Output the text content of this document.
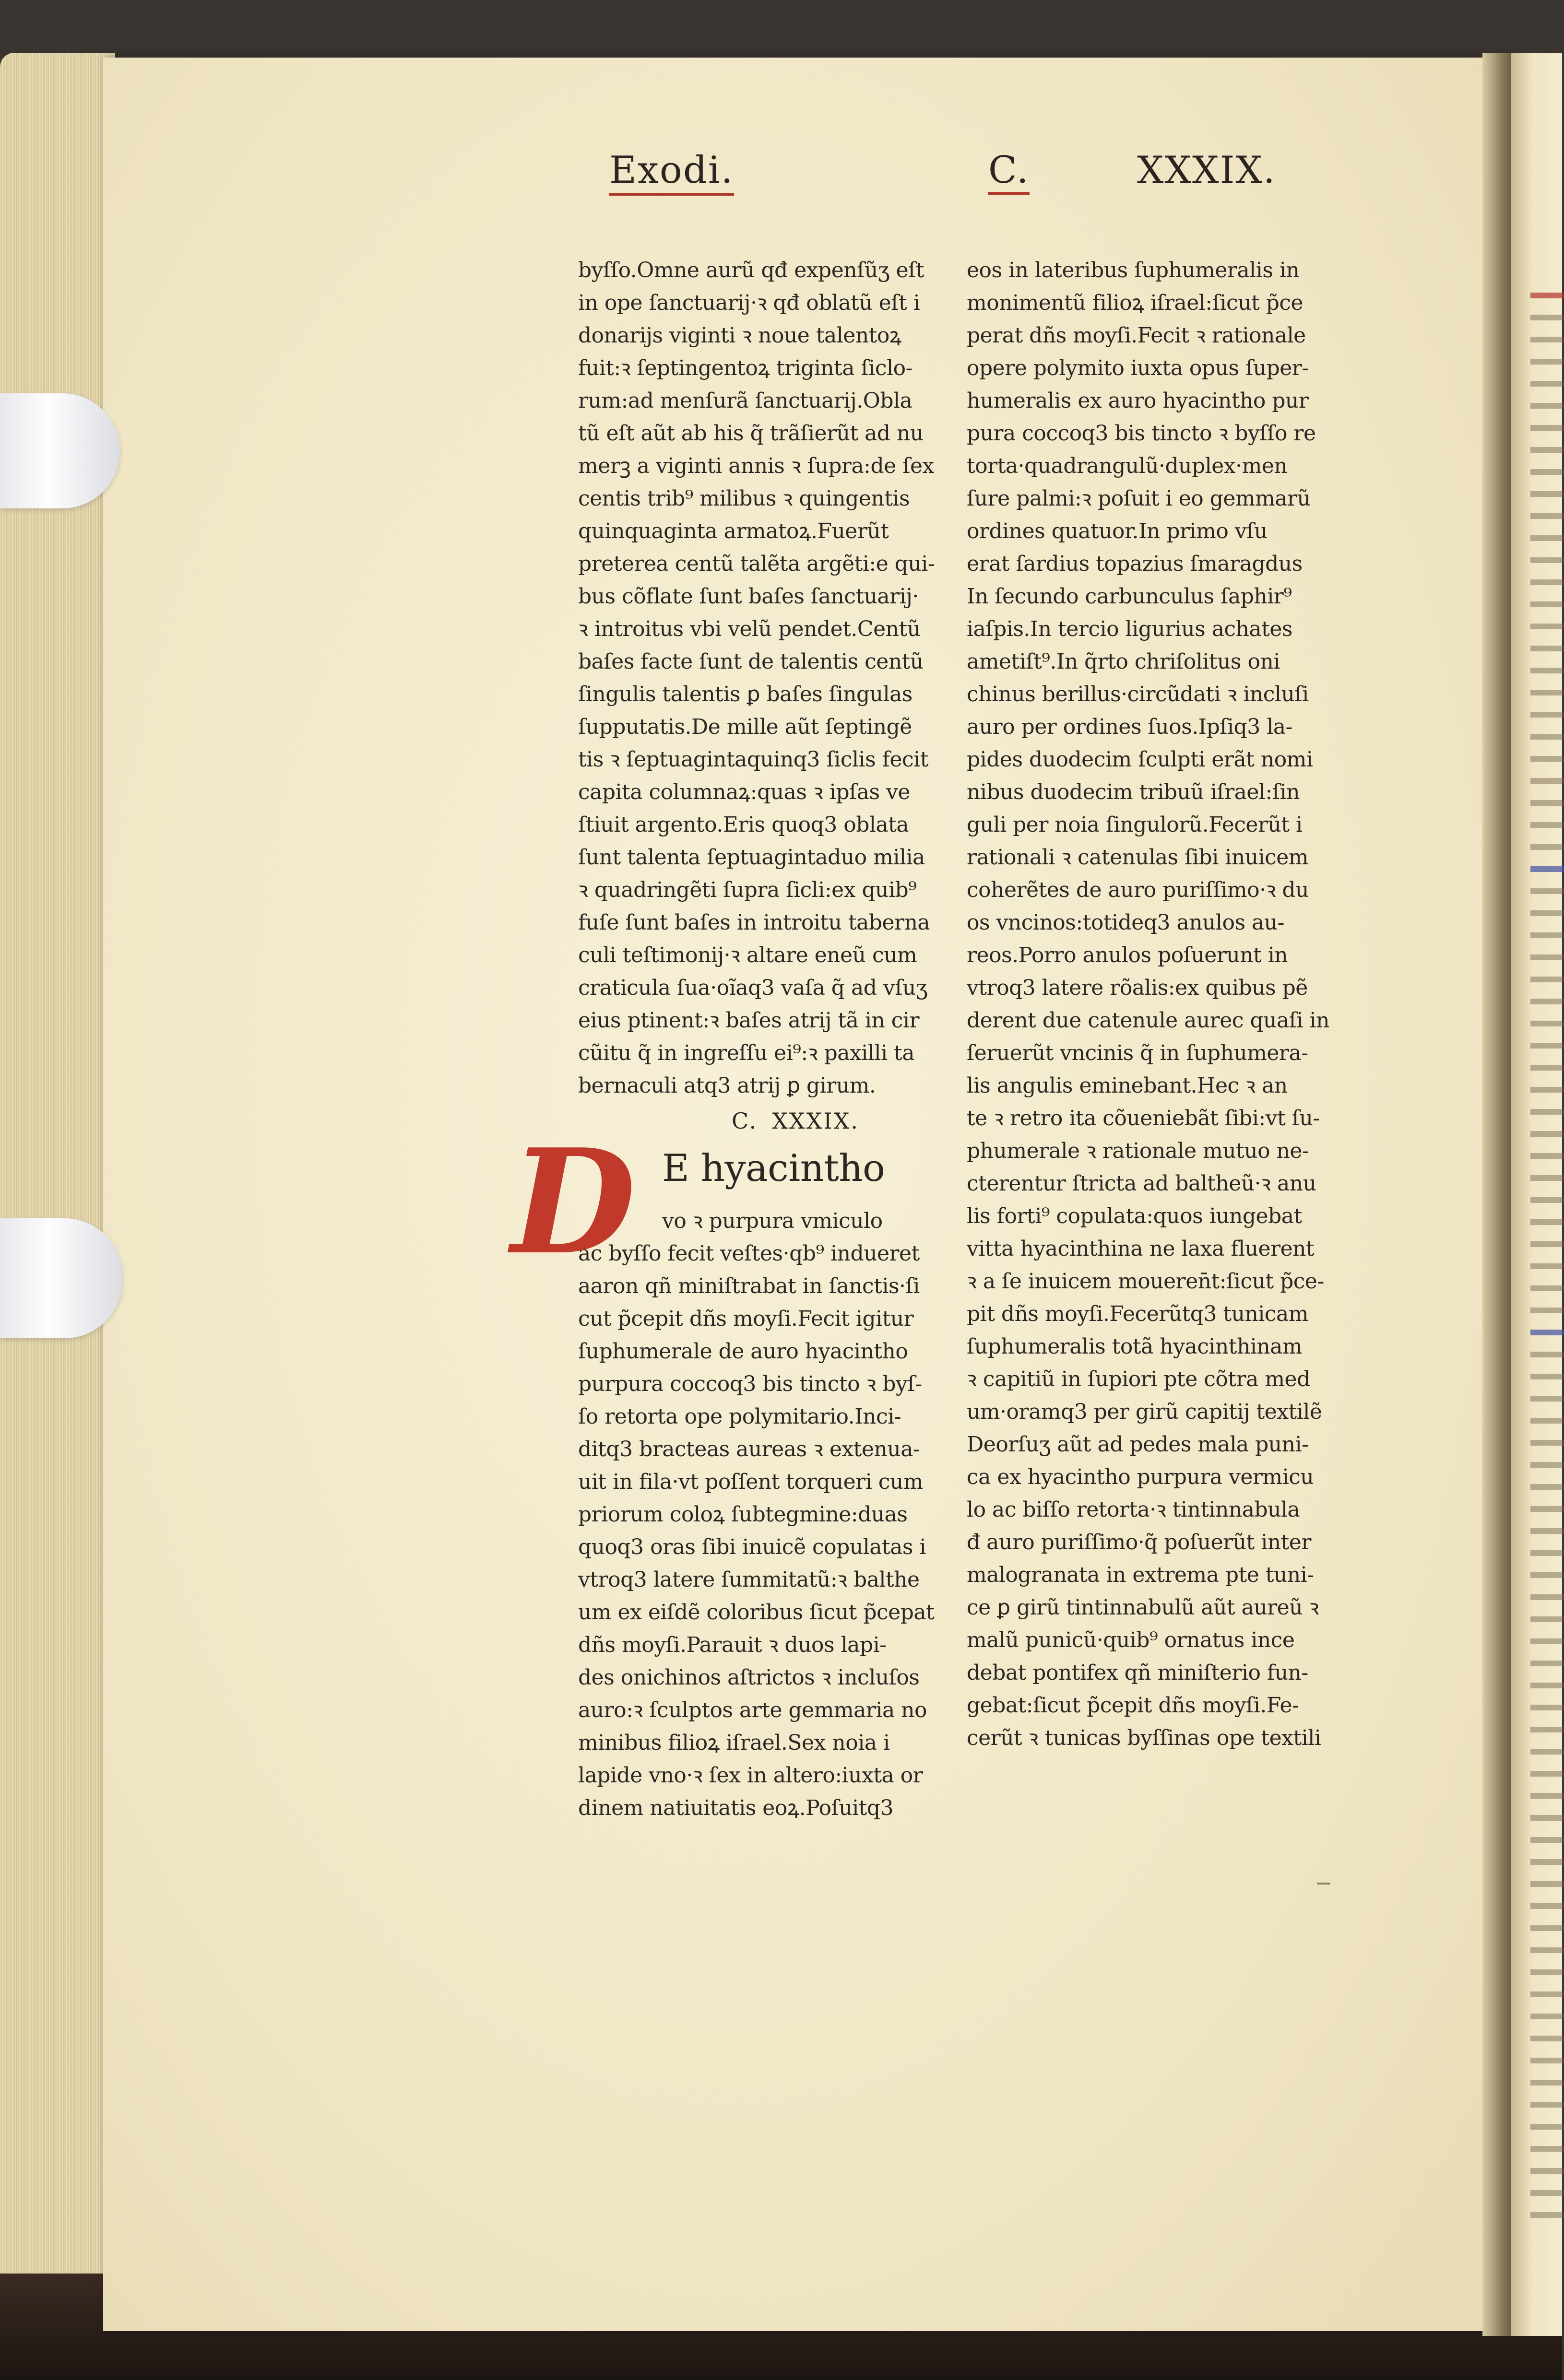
Exodi.	C.	XXXIX.
byſſo.Omne aurũ qđ expenſũʒ eſt
in ope ſanctuarij·ꝛ qđ oblatũ eſt i
donarijs viginti ꝛ noue talentoꝝ
fuit:ꝛ ſeptingentoꝝ triginta ſiclo-
rum:ad menſurã ſanctuarij.Obla
tũ eſt aũt ab his q̃ trãſierũt ad nu
merꝫ a viginti annis ꝛ ſupra:de ſex
centis trib⁹ milibus ꝛ quingentis
quinquaginta armatoꝝ.Fuerũt
preterea centũ talẽta argẽti:e qui-
bus cõflate ſunt baſes ſanctuarij·
ꝛ introitus vbi velũ pendet.Centũ
baſes facte ſunt de talentis centũ
ſingulis talentis ꝑ baſes ſingulas
ſupputatis.De mille aũt ſeptingẽ
tis ꝛ ſeptuagintaquinq3 ſiclis fecit
capita columnaꝝ:quas ꝛ ipſas ve
ſtiuit argento.Eris quoq3 oblata
ſunt talenta ſeptuagintaduo milia
ꝛ quadringẽti ſupra ſicli:ex quib⁹
fuſe ſunt baſes in introitu taberna
culi teſtimonij·ꝛ altare eneũ cum
craticula ſua·oĩaq3 vaſa q̃ ad vſuʒ
eius ptinent:ꝛ baſes atrij tã in cir
cũitu q̃ in ingreſſu ei⁹:ꝛ paxilli ta
bernaculi atq3 atrij ꝑ girum.
C. XXXIX.
D E hyacintho
vo ꝛ purpura vmiculo
ac byſſo fecit veſtes·qb⁹ indueret
aaron qñ miniſtrabat in ſanctis·ſi
cut p̃cepit dñs moyſi.Fecit igitur
ſuphumerale de auro hyacintho
purpura coccoq3 bis tincto ꝛ byſ-
ſo retorta ope polymitario.Inci-
ditq3 bracteas aureas ꝛ extenua-
uit in fila·vt poſſent torqueri cum
priorum coloꝝ ſubtegmine:duas
quoq3 oras ſibi inuicẽ copulatas i
vtroq3 latere ſummitatũ:ꝛ balthe
um ex eiſdẽ coloribus ſicut p̃cepat
dñs moyſi.Parauit ꝛ duos lapi-
des onichinos aſtrictos ꝛ incluſos
auro:ꝛ ſculptos arte gemmaria no
minibus filioꝝ iſrael.Sex noia i
lapide vno·ꝛ ſex in altero:iuxta or
dinem natiuitatis eoꝝ.Poſuitq3
eos in lateribus ſuphumeralis in
monimentũ filioꝝ iſrael:ſicut p̃ce
perat dñs moyſi.Fecit ꝛ rationale
opere polymito iuxta opus ſuper-
humeralis ex auro hyacintho pur
pura coccoq3 bis tincto ꝛ byſſo re
torta·quadrangulũ·duplex·men
ſure palmi:ꝛ poſuit i eo gemmarũ
ordines quatuor.In primo vſu
erat ſardius topazius ſmaragdus
In ſecundo carbunculus ſaphir⁹
iaſpis.In tercio ligurius achates
ametiſt⁹.In q̃rto chriſolitus oni
chinus berillus·circũdati ꝛ incluſi
auro per ordines ſuos.Ipſiq3 la-
pides duodecim ſculpti erãt nomi
nibus duodecim tribuũ iſrael:ſin
guli per noia ſingulorũ.Fecerũt i
rationali ꝛ catenulas ſibi inuicem
coherẽtes de auro puriſſimo·ꝛ du
os vncinos:totideq3 anulos au-
reos.Porro anulos poſuerunt in
vtroq3 latere rõalis:ex quibus pẽ
derent due catenule aurec quaſi in
ſeruerũt vncinis q̃ in ſuphumera-
lis angulis eminebant.Hec ꝛ an
te ꝛ retro ita cõueniebãt ſibi:vt ſu-
phumerale ꝛ rationale mutuo ne-
cterentur ſtricta ad baltheũ·ꝛ anu
lis forti⁹ copulata:quos iungebat
vitta hyacinthina ne laxa fluerent
ꝛ a ſe inuicem moueren̄t:ſicut p̃ce-
pit dñs moyſi.Fecerũtq3 tunicam
ſuphumeralis totã hyacinthinam
ꝛ capitiũ in ſupiori pte cõtra med
um·oramq3 per girũ capitij textilẽ
Deorſuʒ aũt ad pedes mala puni-
ca ex hyacintho purpura vermicu
lo ac biſſo retorta·ꝛ tintinnabula
đ auro puriſſimo·q̃ poſuerũt inter
malogranata in extrema pte tuni-
ce ꝑ girũ tintinnabulũ aũt aureũ ꝛ
malũ punicũ·quib⁹ ornatus ince
debat pontifex qñ miniſterio fun-
gebat:ſicut p̃cepit dñs moyſi.Fe-
cerũt ꝛ tunicas byſſinas ope textili
